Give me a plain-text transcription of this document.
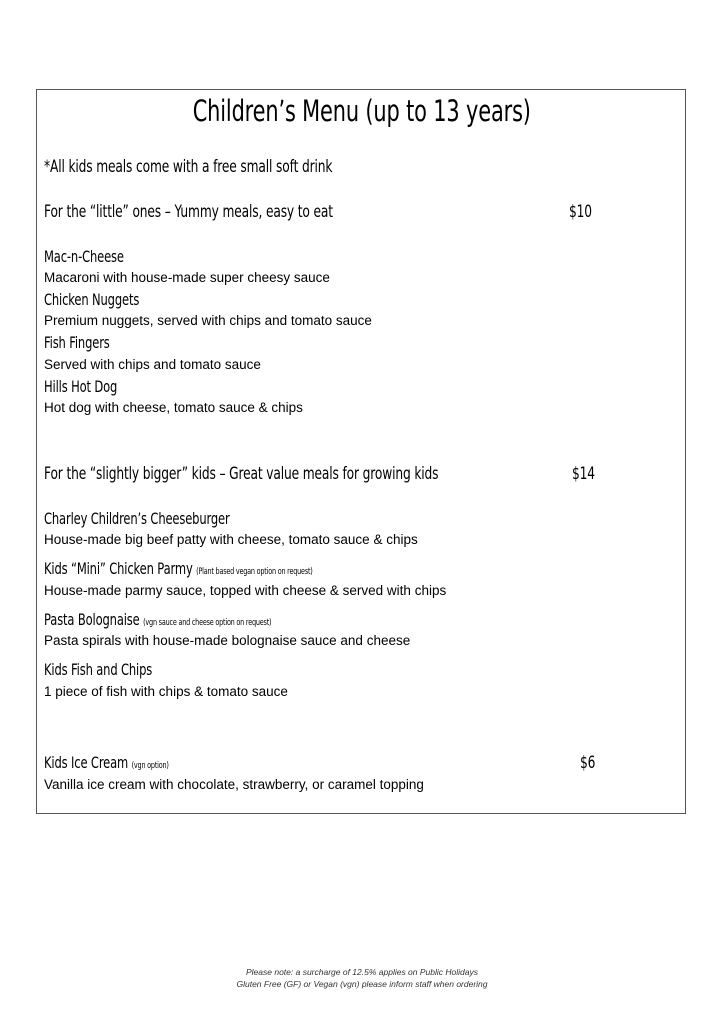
Children’s Menu (up to 13 years)
*All kids meals come with a free small soft drink
For the “little” ones – Yummy meals, easy to eat	$10
Mac-n-Cheese
Macaroni with house-made super cheesy sauce
Chicken Nuggets
Premium nuggets, served with chips and tomato sauce
Fish Fingers
Served with chips and tomato sauce
Hills Hot Dog
Hot dog with cheese, tomato sauce & chips
For the “slightly bigger” kids – Great value meals for growing kids	$14
Charley Children’s Cheeseburger
House-made big beef patty with cheese, tomato sauce & chips
Kids “Mini” Chicken Parmy (Plant based vegan option on request)
House-made parmy sauce, topped with cheese & served with chips
Pasta Bolognaise (vgn sauce and cheese option on request)
Pasta spirals with house-made bolognaise sauce and cheese
Kids Fish and Chips
1 piece of fish with chips & tomato sauce
Kids Ice Cream (vgn option)	$6
Vanilla ice cream with chocolate, strawberry, or caramel topping
Please note: a surcharge of 12.5% applies on Public Holidays
Gluten Free (GF) or Vegan (vgn) please inform staff when ordering
